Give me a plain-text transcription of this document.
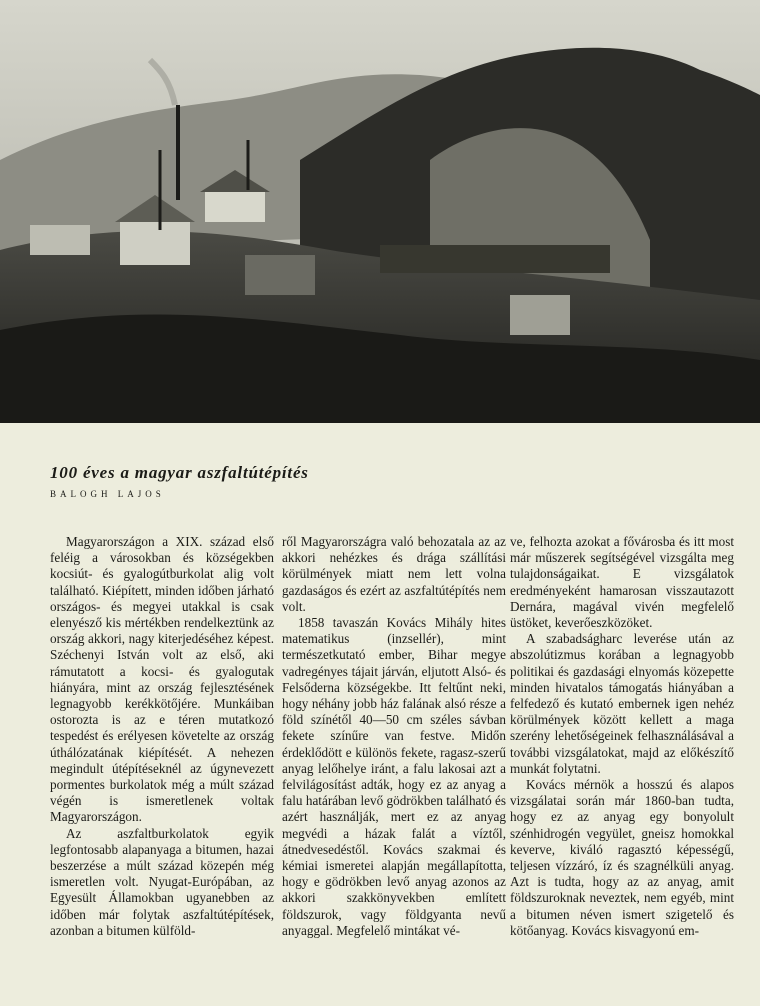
100 éves a magyar aszfaltútépítés
BALOGH LAJOS

Magyarországon a XIX. század első feléig a városokban és községekben kocsiút- és gyalogútburkolat alig volt található. Kiépített, minden időben járható országos- és megyei utakkal is csak elenyésző kis mértékben rendelkeztünk az ország akkori, nagy kiterjedéséhez képest. Széchenyi István volt az első, aki rámutatott a kocsi- és gyalogutak hiányára, mint az ország fejlesztésének legnagyobb kerékkötőjére. Munkáiban ostorozta is az e téren mutatkozó tespedést és erélyesen követelte az ország úthálózatának kiépítését. A nehezen megindult útépítéseknél az úgynevezett pormentes burkolatok még a múlt század végén is ismeretlenek voltak Magyarországon.

Az aszfaltburkolatok egyik legfontosabb alapanyaga a bitumen, hazai beszerzése a múlt század közepén még ismeretlen volt. Nyugat-Európában, az Egyesült Államokban ugyanebben az időben már folytak aszfaltútépítések, azonban a bitumen külföld-

ről Magyarországra való behozatala az az akkori nehézkes és drága szállítási körülmények miatt nem lett volna gazdaságos és ezért az aszfaltútépítés nem volt.

1858 tavaszán Kovács Mihály hites matematikus (inzsellér), mint természetkutató ember, Bihar megye vadregényes tájait járván, eljutott Alsó- és Felsőderna községekbe. Itt feltűnt neki, hogy néhány jobb ház falának alsó része a föld színétől 40—50 cm széles sávban fekete színűre van festve. Midőn érdeklődött e különös fekete, ragasz-szerű anyag lelőhelye iránt, a falu lakosai azt a felvilágosítást adták, hogy ez az anyag a falu határában levő gödrökben található és azért használják, mert ez az anyag megvédi a házak falát a víztől, átnedvesedéstől. Kovács szakmai és kémiai ismeretei alapján megállapította, hogy e gödrökben levő anyag azonos az akkori szakkönyvekben említett földszurok, vagy földgyanta nevű anyaggal. Megfelelő mintákat vé-

ve, felhozta azokat a fővárosba és itt most már műszerek segítségével vizsgálta meg tulajdonságaikat. E vizsgálatok eredményeként hamarosan visszautazott Dernára, magával vivén megfelelő üstöket, keverőeszközöket.

A szabadságharc leverése után az abszolútizmus korában a legnagyobb politikai és gazdasági elnyomás közepette minden hivatalos támogatás hiányában a felfedező és kutató embernek igen nehéz körülmények között kellett a maga szerény lehetőségeinek felhasználásával a további vizsgálatokat, majd az előkészítő munkát folytatni.

Kovács mérnök a hosszú és alapos vizsgálatai során már 1860-ban tudta, hogy ez az anyag egy bonyolult szénhidrogén vegyület, gneisz homokkal keverve, kiváló ragasztó képességű, teljesen vízzáró, íz és szagnélküli anyag. Azt is tudta, hogy az az anyag, amit földszuroknak neveztek, nem egyéb, mint a bitumen néven ismert szigetelő és kötőanyag. Kovács kisvagyonú em-
